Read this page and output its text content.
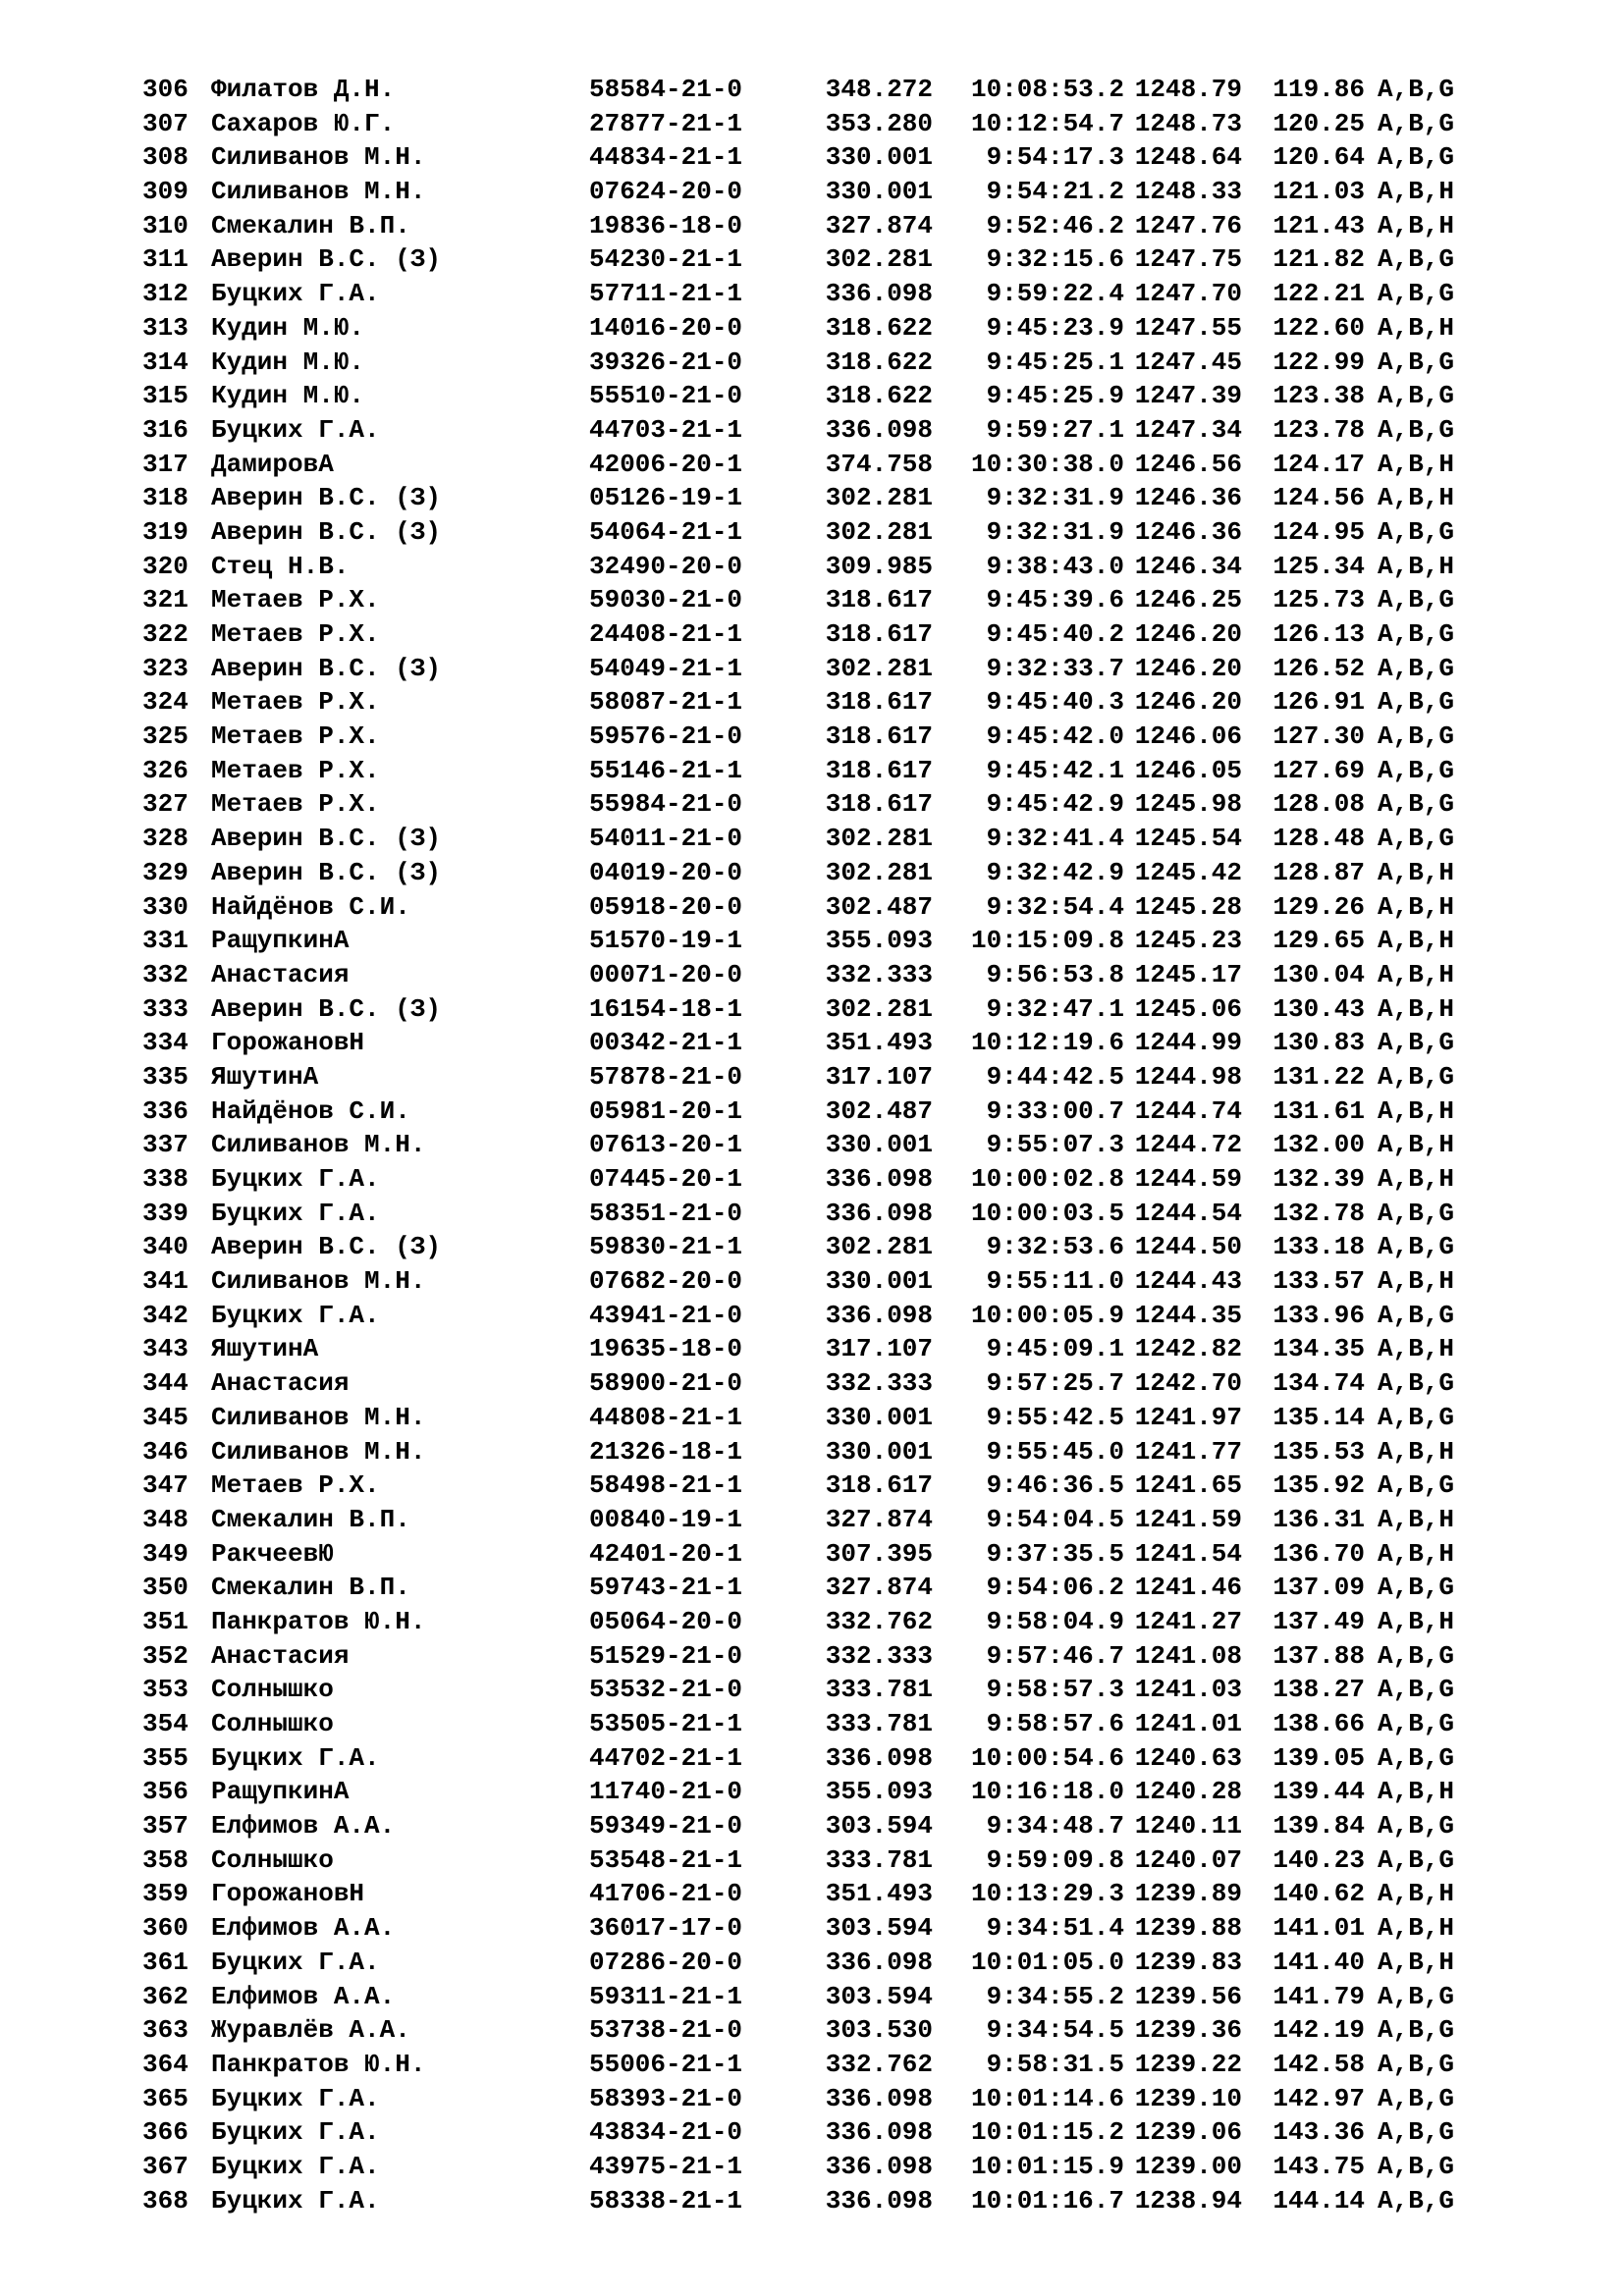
306 Филатов Д.Н.	58584-21-0	348.272 10:08:53.2 1248.79 119.86 A,B,G
307 Сахаров Ю.Г.	27877-21-1	353.280 10:12:54.7 1248.73 120.25 A,B,G
308 Силиванов М.Н.	44834-21-1	330.001 9:54:17.3 1248.64 120.64 A,B,G
309 Силиванов М.Н.	07624-20-0	330.001 9:54:21.2 1248.33 121.03 A,B,H
310 Смекалин В.П.	19836-18-0	327.874 9:52:46.2 1247.76 121.43 A,B,H
311 Аверин В.С. (З)	54230-21-1	302.281 9:32:15.6 1247.75 121.82 A,B,G
312 Буцких Г.А.	57711-21-1	336.098 9:59:22.4 1247.70 122.21 A,B,G
313 Кудин М.Ю.	14016-20-0	318.622 9:45:23.9 1247.55 122.60 A,B,H
314 Кудин М.Ю.	39326-21-0	318.622 9:45:25.1 1247.45 122.99 A,B,G
315 Кудин М.Ю.	55510-21-0	318.622 9:45:25.9 1247.39 123.38 A,B,G
316 Буцких Г.А.	44703-21-1	336.098 9:59:27.1 1247.34 123.78 A,B,G
317 ДамировА	42006-20-1	374.758 10:30:38.0 1246.56 124.17 A,B,H
318 Аверин В.С. (З)	05126-19-1	302.281 9:32:31.9 1246.36 124.56 A,B,H
319 Аверин В.С. (З)	54064-21-1	302.281 9:32:31.9 1246.36 124.95 A,B,G
320 Стец Н.В.	32490-20-0	309.985 9:38:43.0 1246.34 125.34 A,B,H
321 Метаев Р.Х.	59030-21-0	318.617 9:45:39.6 1246.25 125.73 A,B,G
322 Метаев Р.Х.	24408-21-1	318.617 9:45:40.2 1246.20 126.13 A,B,G
323 Аверин В.С. (З)	54049-21-1	302.281 9:32:33.7 1246.20 126.52 A,B,G
324 Метаев Р.Х.	58087-21-1	318.617 9:45:40.3 1246.20 126.91 A,B,G
325 Метаев Р.Х.	59576-21-0	318.617 9:45:42.0 1246.06 127.30 A,B,G
326 Метаев Р.Х.	55146-21-1	318.617 9:45:42.1 1246.05 127.69 A,B,G
327 Метаев Р.Х.	55984-21-0	318.617 9:45:42.9 1245.98 128.08 A,B,G
328 Аверин В.С. (З)	54011-21-0	302.281 9:32:41.4 1245.54 128.48 A,B,G
329 Аверин В.С. (З)	04019-20-0	302.281 9:32:42.9 1245.42 128.87 A,B,H
330 Найдёнов С.И.	05918-20-0	302.487 9:32:54.4 1245.28 129.26 A,B,H
331 РащупкинА	51570-19-1	355.093 10:15:09.8 1245.23 129.65 A,B,H
332 Анастасия	00071-20-0	332.333 9:56:53.8 1245.17 130.04 A,B,H
333 Аверин В.С. (З)	16154-18-1	302.281 9:32:47.1 1245.06 130.43 A,B,H
334 ГорожановН	00342-21-1	351.493 10:12:19.6 1244.99 130.83 A,B,G
335 ЯшутинА	57878-21-0	317.107 9:44:42.5 1244.98 131.22 A,B,G
336 Найдёнов С.И.	05981-20-1	302.487 9:33:00.7 1244.74 131.61 A,B,H
337 Силиванов М.Н.	07613-20-1	330.001 9:55:07.3 1244.72 132.00 A,B,H
338 Буцких Г.А.	07445-20-1	336.098 10:00:02.8 1244.59 132.39 A,B,H
339 Буцких Г.А.	58351-21-0	336.098 10:00:03.5 1244.54 132.78 A,B,G
340 Аверин В.С. (З)	59830-21-1	302.281 9:32:53.6 1244.50 133.18 A,B,G
341 Силиванов М.Н.	07682-20-0	330.001 9:55:11.0 1244.43 133.57 A,B,H
342 Буцких Г.А.	43941-21-0	336.098 10:00:05.9 1244.35 133.96 A,B,G
343 ЯшутинА	19635-18-0	317.107 9:45:09.1 1242.82 134.35 A,B,H
344 Анастасия	58900-21-0	332.333 9:57:25.7 1242.70 134.74 A,B,G
345 Силиванов М.Н.	44808-21-1	330.001 9:55:42.5 1241.97 135.14 A,B,G
346 Силиванов М.Н.	21326-18-1	330.001 9:55:45.0 1241.77 135.53 A,B,H
347 Метаев Р.Х.	58498-21-1	318.617 9:46:36.5 1241.65 135.92 A,B,G
348 Смекалин В.П.	00840-19-1	327.874 9:54:04.5 1241.59 136.31 A,B,H
349 РакчеевЮ	42401-20-1	307.395 9:37:35.5 1241.54 136.70 A,B,H
350 Смекалин В.П.	59743-21-1	327.874 9:54:06.2 1241.46 137.09 A,B,G
351 Панкратов Ю.Н.	05064-20-0	332.762 9:58:04.9 1241.27 137.49 A,B,H
352 Анастасия	51529-21-0	332.333 9:57:46.7 1241.08 137.88 A,B,G
353 Солнышко	53532-21-0	333.781 9:58:57.3 1241.03 138.27 A,B,G
354 Солнышко	53505-21-1	333.781 9:58:57.6 1241.01 138.66 A,B,G
355 Буцких Г.А.	44702-21-1	336.098 10:00:54.6 1240.63 139.05 A,B,G
356 РащупкинА	11740-21-0	355.093 10:16:18.0 1240.28 139.44 A,B,H
357 Елфимов А.А.	59349-21-0	303.594 9:34:48.7 1240.11 139.84 A,B,G
358 Солнышко	53548-21-1	333.781 9:59:09.8 1240.07 140.23 A,B,G
359 ГорожановН	41706-21-0	351.493 10:13:29.3 1239.89 140.62 A,B,H
360 Елфимов А.А.	36017-17-0	303.594 9:34:51.4 1239.88 141.01 A,B,H
361 Буцких Г.А.	07286-20-0	336.098 10:01:05.0 1239.83 141.40 A,B,H
362 Елфимов А.А.	59311-21-1	303.594 9:34:55.2 1239.56 141.79 A,B,G
363 Журавлёв А.А.	53738-21-0	303.530 9:34:54.5 1239.36 142.19 A,B,G
364 Панкратов Ю.Н.	55006-21-1	332.762 9:58:31.5 1239.22 142.58 A,B,G
365 Буцких Г.А.	58393-21-0	336.098 10:01:14.6 1239.10 142.97 A,B,G
366 Буцких Г.А.	43834-21-0	336.098 10:01:15.2 1239.06 143.36 A,B,G
367 Буцких Г.А.	43975-21-1	336.098 10:01:15.9 1239.00 143.75 A,B,G
368 Буцких Г.А.	58338-21-1	336.098 10:01:16.7 1238.94 144.14 A,B,G
